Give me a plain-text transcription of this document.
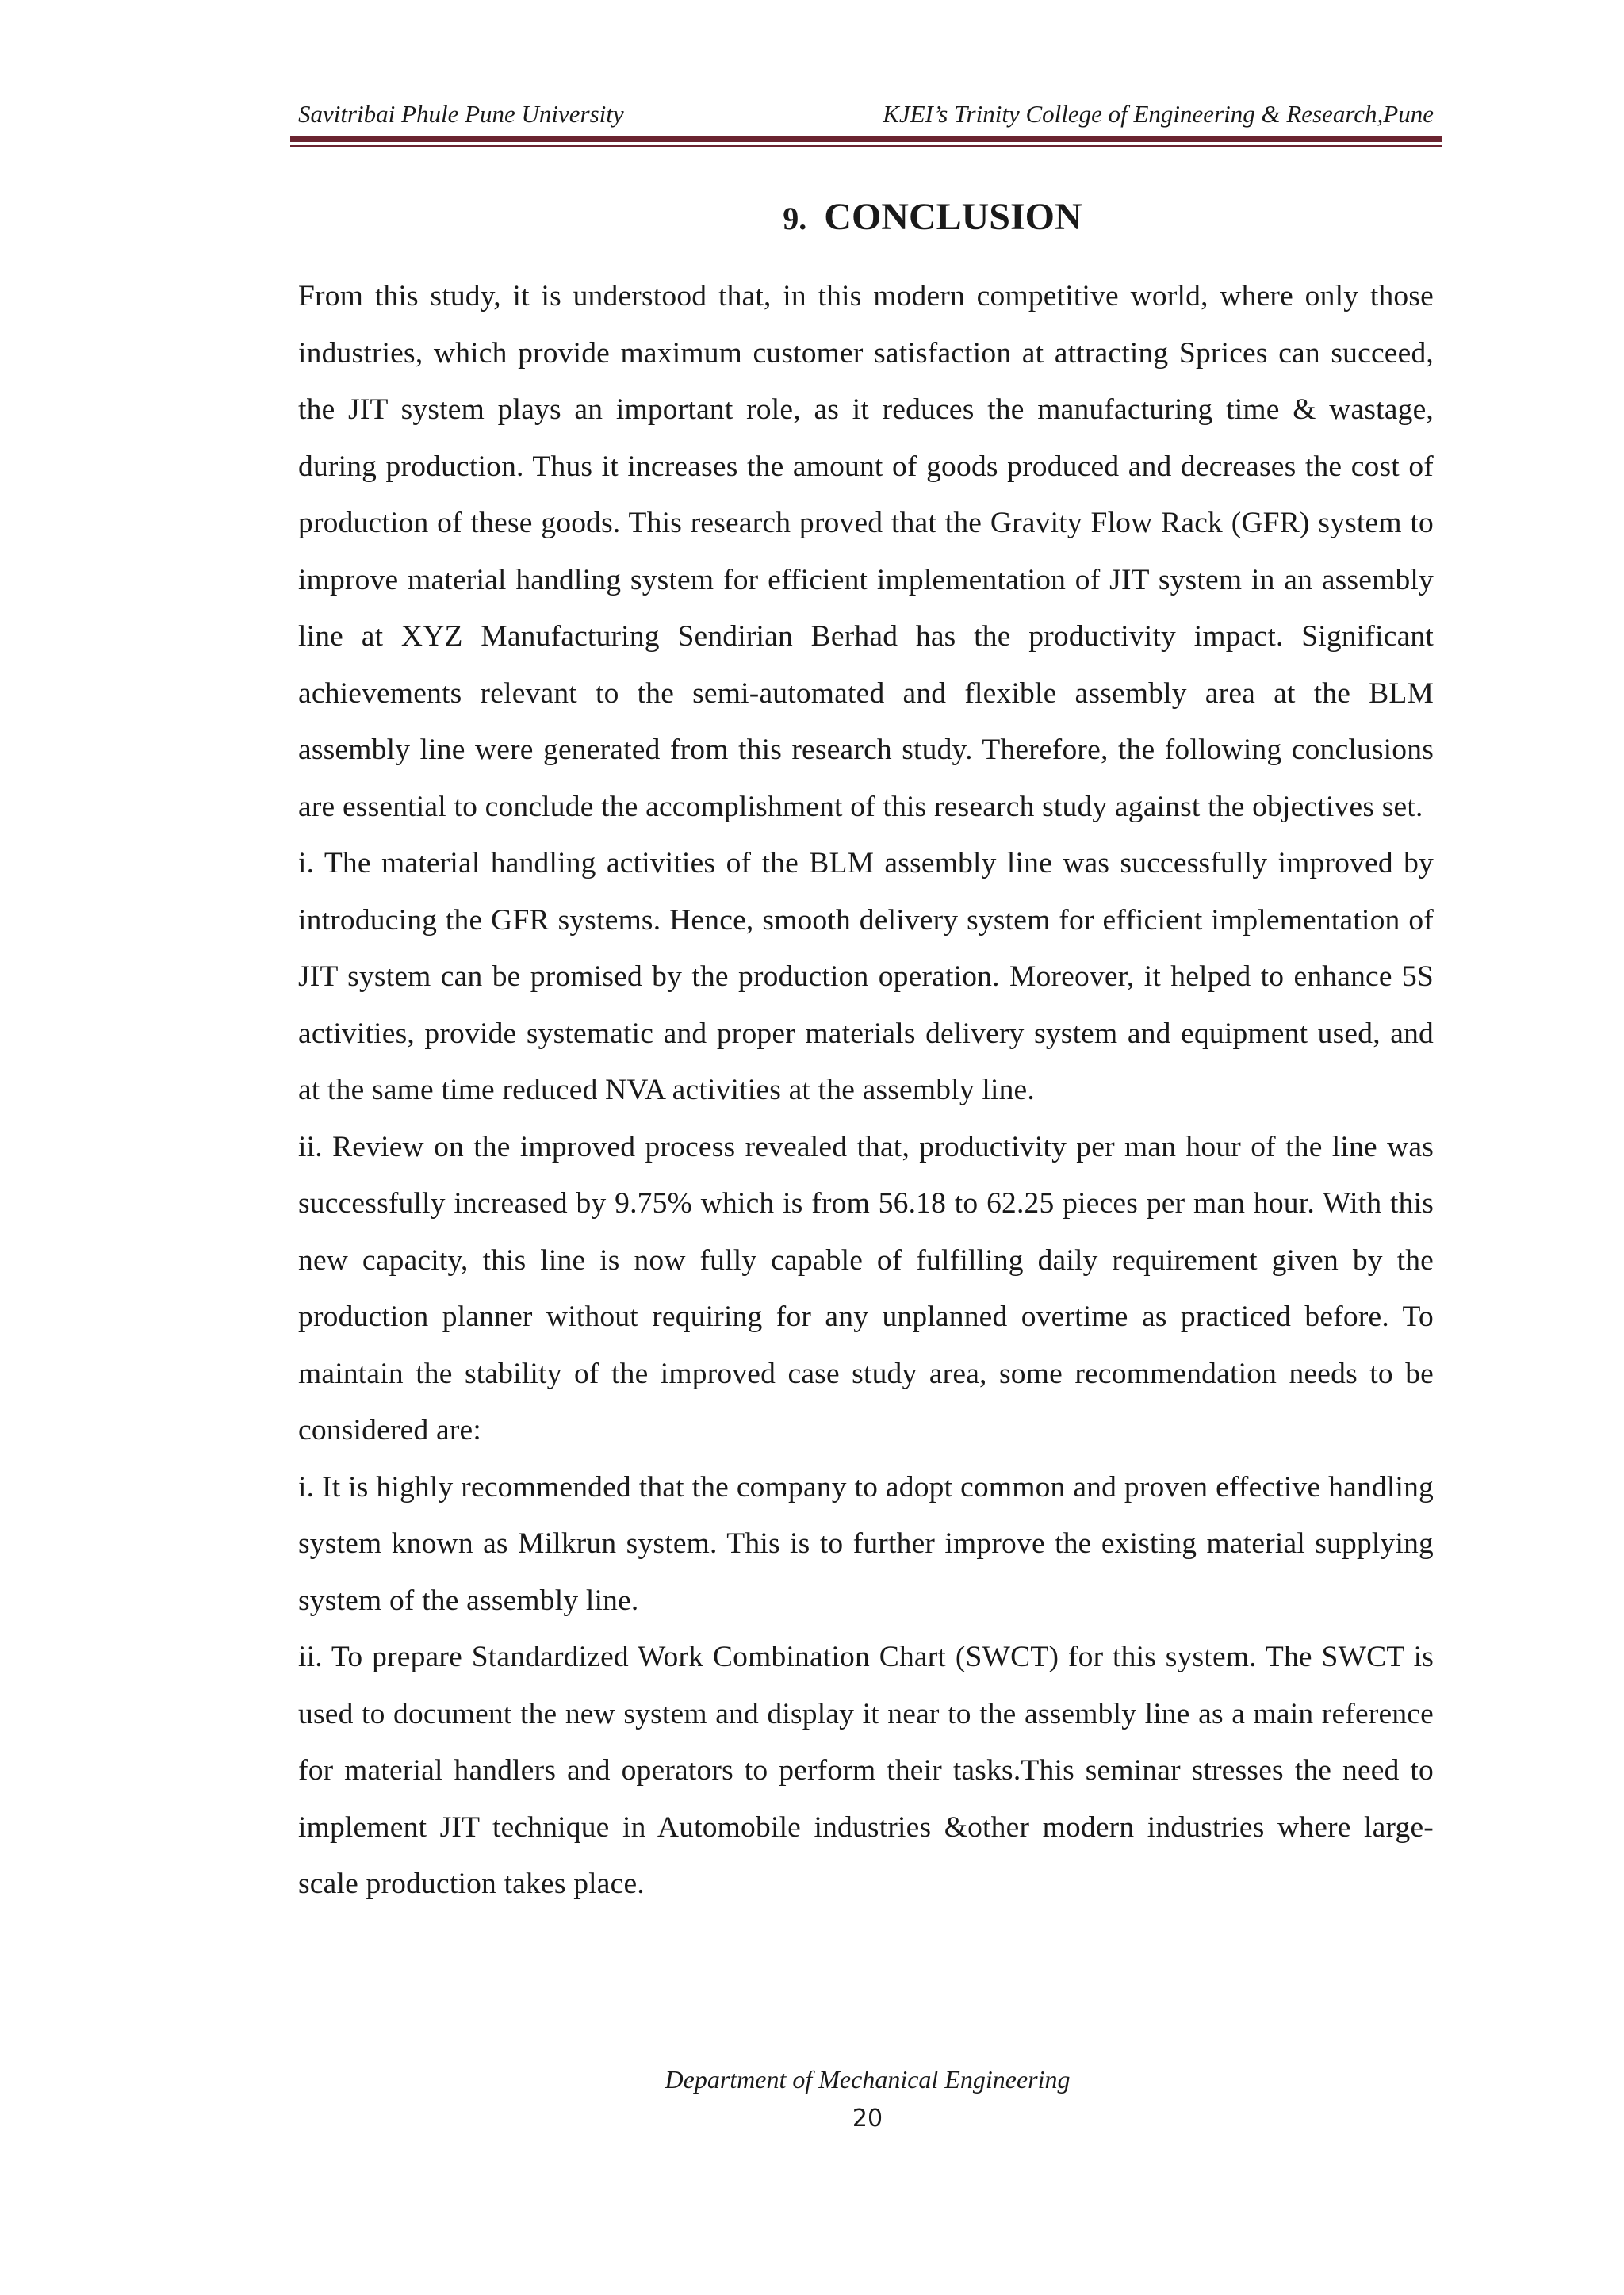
Savitribai Phule Pune University	KJEI’s Trinity College of Engineering & Research,Pune
9. CONCLUSION

From this study, it is understood that, in this modern competitive world, where only those industries, which provide maximum customer satisfaction at attracting Sprices can succeed, the JIT system plays an important role, as it reduces the manufacturing time & wastage, during production. Thus it increases the amount of goods produced and decreases the cost of production of these goods. This research proved that the Gravity Flow Rack (GFR) system to improve material handling system for efficient implementation of JIT system in an assembly line at XYZ Manufacturing Sendirian Berhad has the productivity impact. Significant achievements relevant to the semi-automated and flexible assembly area at the BLM assembly line were generated from this research study. Therefore, the following conclusions are essential to conclude the accomplishment of this research study against the objectives set.

i. The material handling activities of the BLM assembly line was successfully improved by introducing the GFR systems. Hence, smooth delivery system for efficient implementation of JIT system can be promised by the production operation. Moreover, it helped to enhance 5S activities, provide systematic and proper materials delivery system and equipment used, and at the same time reduced NVA activities at the assembly line.

ii. Review on the improved process revealed that, productivity per man hour of the line was successfully increased by 9.75% which is from 56.18 to 62.25 pieces per man hour. With this new capacity, this line is now fully capable of fulfilling daily requirement given by the production planner without requiring for any unplanned overtime as practiced before. To maintain the stability of the improved case study area, some recommendation needs to be considered are:

i. It is highly recommended that the company to adopt common and proven effective handling system known as Milkrun system. This is to further improve the existing material supplying system of the assembly line.

ii. To prepare Standardized Work Combination Chart (SWCT) for this system. The SWCT is used to document the new system and display it near to the assembly line as a main reference for material handlers and operators to perform their tasks.This seminar stresses the need to implement JIT technique in Automobile industries &other modern industries where large-scale production takes place.

Department of Mechanical Engineering
20
